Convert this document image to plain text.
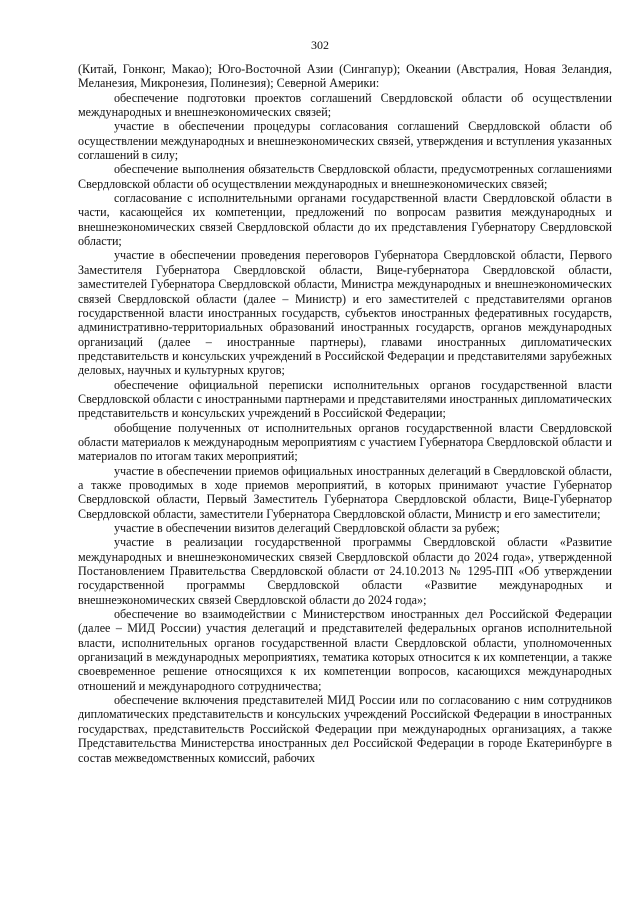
302

(Китай, Гонконг, Макао); Юго-Восточной Азии (Сингапур); Океании (Австралия, Новая Зеландия, Меланезия, Микронезия, Полинезия); Северной Америки:

обеспечение подготовки проектов соглашений Свердловской области об осуществлении международных и внешнеэкономических связей;

участие в обеспечении процедуры согласования соглашений Свердловской области об осуществлении международных и внешнеэкономических связей, утверждения и вступления указанных соглашений в силу;

обеспечение выполнения обязательств Свердловской области, предусмотренных соглашениями Свердловской области об осуществлении международных и внешнеэкономических связей;

согласование с исполнительными органами государственной власти Свердловской области в части, касающейся их компетенции, предложений по вопросам развития международных и внешнеэкономических связей Свердловской области до их представления Губернатору Свердловской области;

участие в обеспечении проведения переговоров Губернатора Свердловской области, Первого Заместителя Губернатора Свердловской области, Вице-губернатора Свердловской области, заместителей Губернатора Свердловской области, Министра международных и внешнеэкономических связей Свердловской области (далее – Министр) и его заместителей с представителями органов государственной власти иностранных государств, субъектов иностранных федеративных государств, административно-территориальных образований иностранных государств, органов международных организаций (далее – иностранные партнеры), главами иностранных дипломатических представительств и консульских учреждений в Российской Федерации и представителями зарубежных деловых, научных и культурных кругов;

обеспечение официальной переписки исполнительных органов государственной власти Свердловской области с иностранными партнерами и представителями иностранных дипломатических представительств и консульских учреждений в Российской Федерации;

обобщение полученных от исполнительных органов государственной власти Свердловской области материалов к международным мероприятиям с участием Губернатора Свердловской области и материалов по итогам таких мероприятий;

участие в обеспечении приемов официальных иностранных делегаций в Свердловской области, а также проводимых в ходе приемов мероприятий, в которых принимают участие Губернатор Свердловской области, Первый Заместитель Губернатора Свердловской области, Вице-Губернатор Свердловской области, заместители Губернатора Свердловской области, Министр и его заместители;

участие в обеспечении визитов делегаций Свердловской области за рубеж;

участие в реализации государственной программы Свердловской области «Развитие международных и внешнеэкономических связей Свердловской области до 2024 года», утвержденной Постановлением Правительства Свердловской области от 24.10.2013 № 1295-ПП «Об утверждении государственной программы Свердловской области «Развитие международных и внешнеэкономических связей Свердловской области до 2024 года»;

обеспечение во взаимодействии с Министерством иностранных дел Российской Федерации (далее – МИД России) участия делегаций и представителей федеральных органов исполнительной власти, исполнительных органов государственной власти Свердловской области, уполномоченных организаций в международных мероприятиях, тематика которых относится к их компетенции, а также своевременное решение относящихся к их компетенции вопросов, касающихся международных отношений и международного сотрудничества;

обеспечение включения представителей МИД России или по согласованию с ним сотрудников дипломатических представительств и консульских учреждений Российской Федерации в иностранных государствах, представительств Российской Федерации при международных организациях, а также Представительства Министерства иностранных дел Российской Федерации в городе Екатеринбурге в состав межведомственных комиссий, рабочих
